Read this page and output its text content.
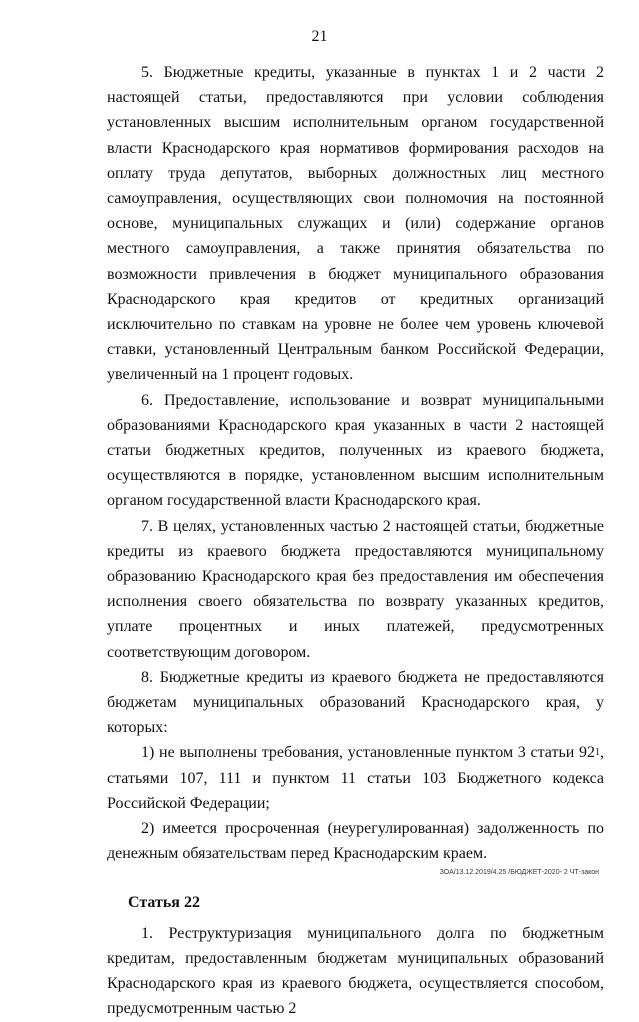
21

5. Бюджетные кредиты, указанные в пунктах 1 и 2 части 2 настоящей статьи, предоставляются при условии соблюдения установленных высшим исполнительным органом государственной власти Краснодарского края нормативов формирования расходов на оплату труда депутатов, выборных должностных лиц местного самоуправления, осуществляющих свои полномочия на постоянной основе, муниципальных служащих и (или) содержание органов местного самоуправления, а также принятия обязательства по возможности привлечения в бюджет муниципального образования Краснодарского края кредитов от кредитных организаций исключительно по ставкам на уровне не более чем уровень ключевой ставки, установленный Центральным банком Российской Федерации, увеличенный на 1 процент годовых.

6. Предоставление, использование и возврат муниципальными образованиями Краснодарского края указанных в части 2 настоящей статьи бюджетных кредитов, полученных из краевого бюджета, осуществляются в порядке, установленном высшим исполнительным органом государственной власти Краснодарского края.

7. В целях, установленных частью 2 настоящей статьи, бюджетные кредиты из краевого бюджета предоставляются муниципальному образованию Краснодарского края без предоставления им обеспечения исполнения своего обязательства по возврату указанных кредитов, уплате процентных и иных платежей, предусмотренных соответствующим договором.

8. Бюджетные кредиты из краевого бюджета не предоставляются бюджетам муниципальных образований Краснодарского края, у которых:

1) не выполнены требования, установленные пунктом 3 статьи $92^1$, статьями 107, 111 и пунктом 11 статьи 103 Бюджетного кодекса Российской Федерации;

2) имеется просроченная (неурегулированная) задолженность по денежным обязательствам перед Краснодарским краем.

Статья 22

1. Реструктуризация муниципального долга по бюджетным кредитам, предоставленным бюджетам муниципальных образований Краснодарского края из краевого бюджета, осуществляется способом, предусмотренным частью 2

ЗОА/13.12.2019/4.25 /БЮДЖЕТ-2020- 2 ЧТ-закон
